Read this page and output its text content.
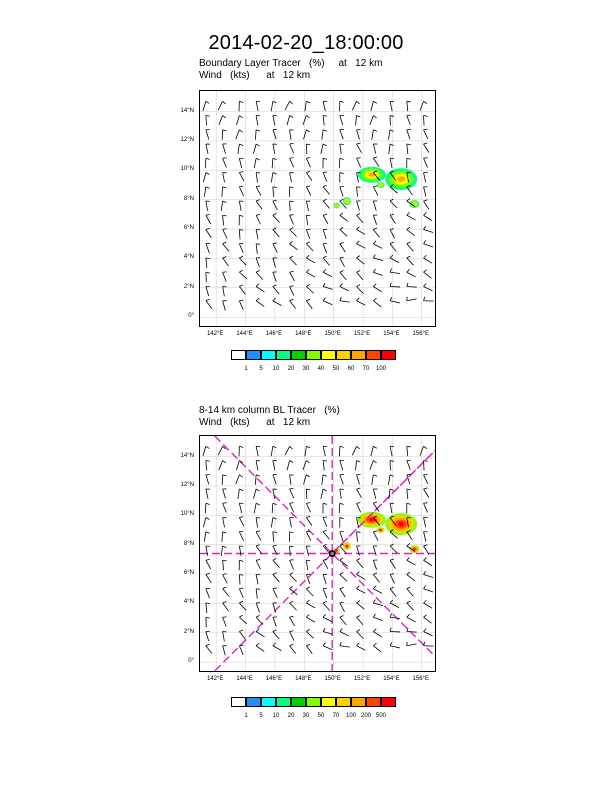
2014-02-20_18:00:00
Boundary Layer Tracer   (%)     at   12 km
Wind   (kts)      at   12 km
14°N
12°N
10°N
8°N
6°N
4°N
2°N
0°
142°E	144°E	146°E	148°E	150°E	152°E	154°E	156°E
1	5	10	20	30	40	50	60	70	100
8-14 km column BL Tracer   (%)
Wind   (kts)      at   12 km
14°N
12°N
10°N
8°N
6°N
4°N
2°N
0°
142°E	144°E	146°E	148°E	150°E	152°E	154°E	156°E
1	5	10	20	30	50	70	100 200 500
